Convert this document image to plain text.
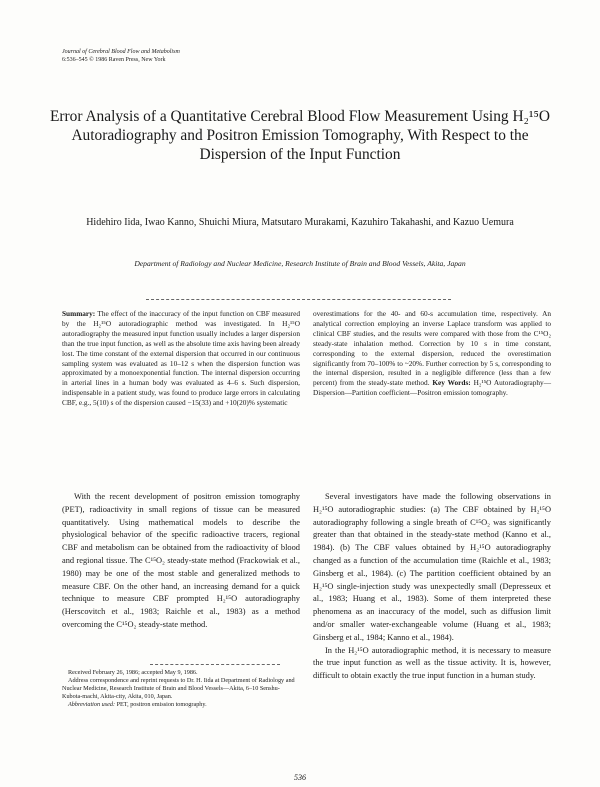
Journal of Cerebral Blood Flow and Metabolism
6:536–545 © 1986 Raven Press, New York
Error Analysis of a Quantitative Cerebral Blood Flow Measurement Using H₂¹⁵O Autoradiography and Positron Emission Tomography, With Respect to the Dispersion of the Input Function
Hidehiro Iida, Iwao Kanno, Shuichi Miura, Matsutaro Murakami, Kazuhiro Takahashi, and Kazuo Uemura
Department of Radiology and Nuclear Medicine, Research Institute of Brain and Blood Vessels, Akita, Japan
Summary: The effect of the inaccuracy of the input function on CBF measured by the H₂¹⁵O autoradiographic method was investigated. In H₂¹⁵O autoradiography the measured input function usually includes a larger dispersion than the true input function, as well as the absolute time axis having been already lost. The time constant of the external dispersion that occurred in our continuous sampling system was evaluated as 10–12 s when the dispersion function was approximated by a monoexponential function. The internal dispersion occurring in arterial lines in a human body was evaluated as 4–6 s. Such dispersion, indispensable in a patient study, was found to produce large errors in calculating CBF, e.g., 5(10) s of the dispersion caused −15(33) and +10(20)% systematic
overestimations for the 40- and 60-s accumulation time, respectively. An analytical correction employing an inverse Laplace transform was applied to clinical CBF studies, and the results were compared with those from the C¹⁵O₂ steady-state inhalation method. Correction by 10 s in time constant, corresponding to the external dispersion, reduced the overestimation significantly from 70–100% to ~20%. Further correction by 5 s, corresponding to the internal dispersion, resulted in a negligible difference (less than a few percent) from the steady-state method. Key Words: H₂¹⁵O Autoradiography—Dispersion—Partition coefficient—Positron emission tomography.

With the recent development of positron emission tomography (PET), radioactivity in small regions of tissue can be measured quantitatively. Using mathematical models to describe the physiological behavior of the specific radioactive tracers, regional CBF and metabolism can be obtained from the radioactivity of blood and regional tissue. The C¹⁵O₂ steady-state method (Frackowiak et al., 1980) may be one of the most stable and generalized methods to measure CBF. On the other hand, an increasing demand for a quick technique to measure CBF prompted H₂¹⁵O autoradiography (Herscovitch et al., 1983; Raichle et al., 1983) as a method overcoming the C¹⁵O₂ steady-state method.

Several investigators have made the following observations in H₂¹⁵O autoradiographic studies: (a) The CBF obtained by H₂¹⁵O autoradiography following a single breath of C¹⁵O₂ was significantly greater than that obtained in the steady-state method (Kanno et al., 1984). (b) The CBF values obtained by H₂¹⁵O autoradiography changed as a function of the accumulation time (Raichle et al., 1983; Ginsberg et al., 1984). (c) The partition coefficient obtained by an H₂¹⁵O single-injection study was unexpectedly small (Depresseux et al., 1983; Huang et al., 1983). Some of them interpreted these phenomena as an inaccuracy of the model, such as diffusion limit and/or smaller water-exchangeable volume (Huang et al., 1983; Ginsberg et al., 1984; Kanno et al., 1984).

In the H₂¹⁵O autoradiographic method, it is necessary to measure the true input function as well as the tissue activity. It is, however, difficult to obtain exactly the true input function in a human study.

Received February 26, 1986; accepted May 9, 1986.

Address correspondence and reprint requests to Dr. H. Iida at Department of Radiology and Nuclear Medicine, Research Institute of Brain and Blood Vessels—Akita, 6–10 Senshu-Kubota-machi, Akita-city, Akita, 010, Japan.

Abbreviation used: PET, positron emission tomography.

536
